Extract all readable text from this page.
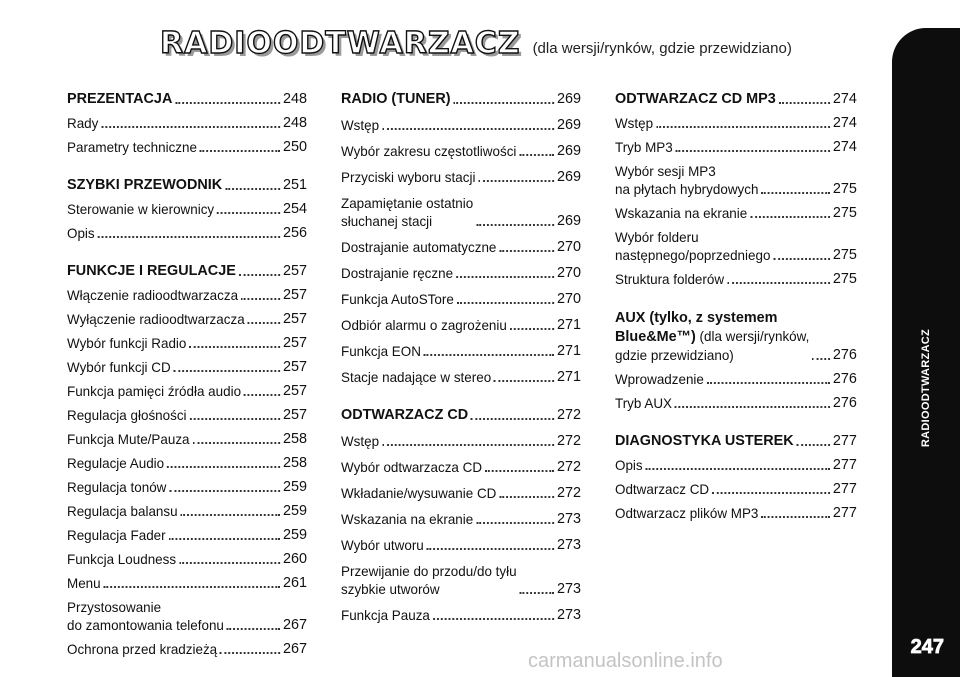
RADIOODTWARZACZ (dla wersji/rynków, gdzie przewidziano)
PREZENTACJA	248
Rady	248
Parametry techniczne	250
SZYBKI PRZEWODNIK	251
Sterowanie w kierownicy	254
Opis	256
FUNKCJE I REGULACJE	257
Włączenie radioodtwarzacza	257
Wyłączenie radioodtwarzacza	257
Wybór funkcji Radio	257
Wybór funkcji CD	257
Funkcja pamięci źródła audio	257
Regulacja głośności	257
Funkcja Mute/Pauza	258
Regulacje Audio	258
Regulacja tonów	259
Regulacja balansu	259
Regulacja Fader	259
Funkcja Loudness	260
Menu	261
Przystosowanie
do zamontowania telefonu	267
Ochrona przed kradzieżą	267
RADIO (TUNER)	269
Wstęp	269
Wybór zakresu częstotliwości	269
Przyciski wyboru stacji	269
Zapamiętanie ostatnio
słuchanej stacji	269
Dostrajanie automatyczne	270
Dostrajanie ręczne	270
Funkcja AutoSTore	270
Odbiór alarmu o zagrożeniu	271
Funkcja EON	271
Stacje nadające w stereo	271
ODTWARZACZ CD	272
Wstęp	272
Wybór odtwarzacza CD	272
Wkładanie/wysuwanie CD	272
Wskazania na ekranie	273
Wybór utworu	273
Przewijanie do przodu/do tyłu
szybkie utworów	273
Funkcja Pauza	273
ODTWARZACZ CD MP3	274
Wstęp	274
Tryb MP3	274
Wybór sesji MP3
na płytach hybrydowych	275
Wskazania na ekranie	275
Wybór folderu
następnego/poprzedniego	275
Struktura folderów	275
AUX (tylko, z systemem
Blue&Me™) (dla wersji/rynków,
gdzie przewidziano)	276
Wprowadzenie	276
Tryb AUX	276
DIAGNOSTYKA USTEREK	277
Opis	277
Odtwarzacz CD	277
Odtwarzacz plików MP3	277
RADIOODTWARZACZ
247
carmanualsonline.info
